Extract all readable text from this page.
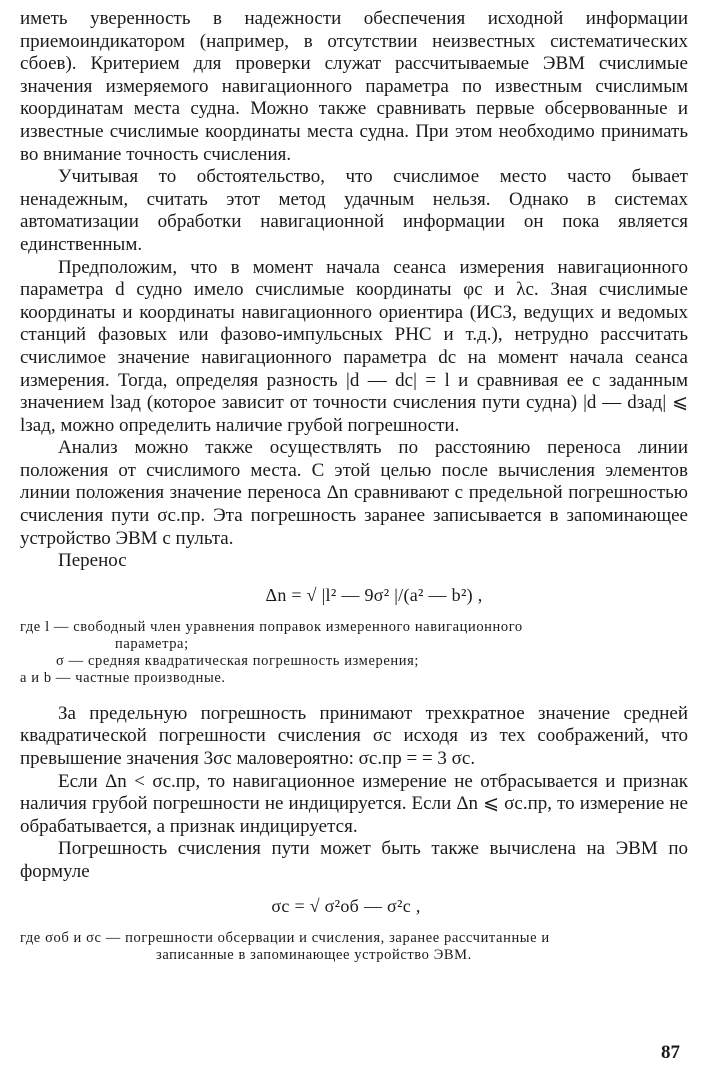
иметь уверенность в надежности обеспечения исходной информации приемоиндикатором (например, в отсутствии неизвестных систематических сбоев). Критерием для проверки служат рассчитываемые ЭВМ счислимые значения измеряемого навигационного параметра по известным счислимым координатам места судна. Можно также сравнивать первые обсервованные и известные счислимые координаты места судна. При этом необходимо принимать во внимание точность счисления.

Учитывая то обстоятельство, что счислимое место часто бывает ненадежным, считать этот метод удачным нельзя. Однако в системах автоматизации обработки навигационной информации он пока является единственным.

Предположим, что в момент начала сеанса измерения навигационного параметра d судно имело счислимые координаты φс и λс. Зная счислимые координаты и координаты навигационного ориентира (ИСЗ, ведущих и ведомых станций фазовых или фазово-импульсных РНС и т.д.), нетрудно рассчитать счислимое значение навигационного параметра dс на момент начала сеанса измерения. Тогда, определяя разность |d — dс| = l и сравнивая ее с заданным значением lзад (которое зависит от точности счисления пути судна) |d — dзад| ⩽ lзад, можно определить наличие грубой погрешности.

Анализ можно также осуществлять по расстоянию переноса линии положения от счислимого места. С этой целью после вычисления элементов линии положения значение переноса Δn сравнивают с предельной погрешностью счисления пути σс.пр. Эта погрешность заранее записывается в запоминающее устройство ЭВМ с пульта.

Перенос

Δn = √ |l² — 9σ² |/(a² — b²) ,
где l — свободный член уравнения поправок измеренного навигационного

параметра;
σ — средняя квадратическая погрешность измерения;
a и b — частные производные.

За предельную погрешность принимают трехкратное значение средней квадратической погрешности счисления σс исходя из тех соображений, что превышение значения 3σс маловероятно: σс.пр = = 3 σс.

Если Δn < σс.пр, то навигационное измерение не отбрасывается и признак наличия грубой погрешности не индицируется. Если Δn ⩽ σс.пр, то измерение не обрабатывается, а признак индицируется.

Погрешность счисления пути может быть также вычислена на ЭВМ по формуле

σс = √ σ²об — σ²с ,
где σоб и σс — погрешности обсервации и счисления, заранее рассчитанные и

записанные в запоминающее устройство ЭВМ.
87
